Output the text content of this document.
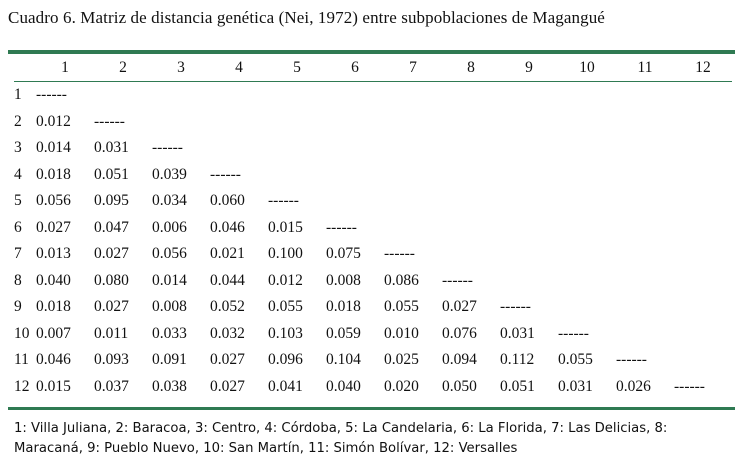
Cuadro 6. Matriz de distancia genética (Nei, 1972) entre subpoblaciones de Magangué
	1	2	3	4	5	6	7	8	9	10	11	12
1	------											
2	0.012	------										
3	0.014	0.031	------									
4	0.018	0.051	0.039	------								
5	0.056	0.095	0.034	0.060	------							
6	0.027	0.047	0.006	0.046	0.015	------						
7	0.013	0.027	0.056	0.021	0.100	0.075	------					
8	0.040	0.080	0.014	0.044	0.012	0.008	0.086	------				
9	0.018	0.027	0.008	0.052	0.055	0.018	0.055	0.027	------			
10	0.007	0.011	0.033	0.032	0.103	0.059	0.010	0.076	0.031	------		
11	0.046	0.093	0.091	0.027	0.096	0.104	0.025	0.094	0.112	0.055	------	
12	0.015	0.037	0.038	0.027	0.041	0.040	0.020	0.050	0.051	0.031	0.026	------
1: Villa Juliana, 2: Baracoa, 3: Centro, 4: Córdoba, 5: La Candelaria, 6: La Florida, 7: Las Delicias, 8: Maracaná, 9: Pueblo Nuevo, 10: San Martín, 11: Simón Bolívar, 12: Versalles
